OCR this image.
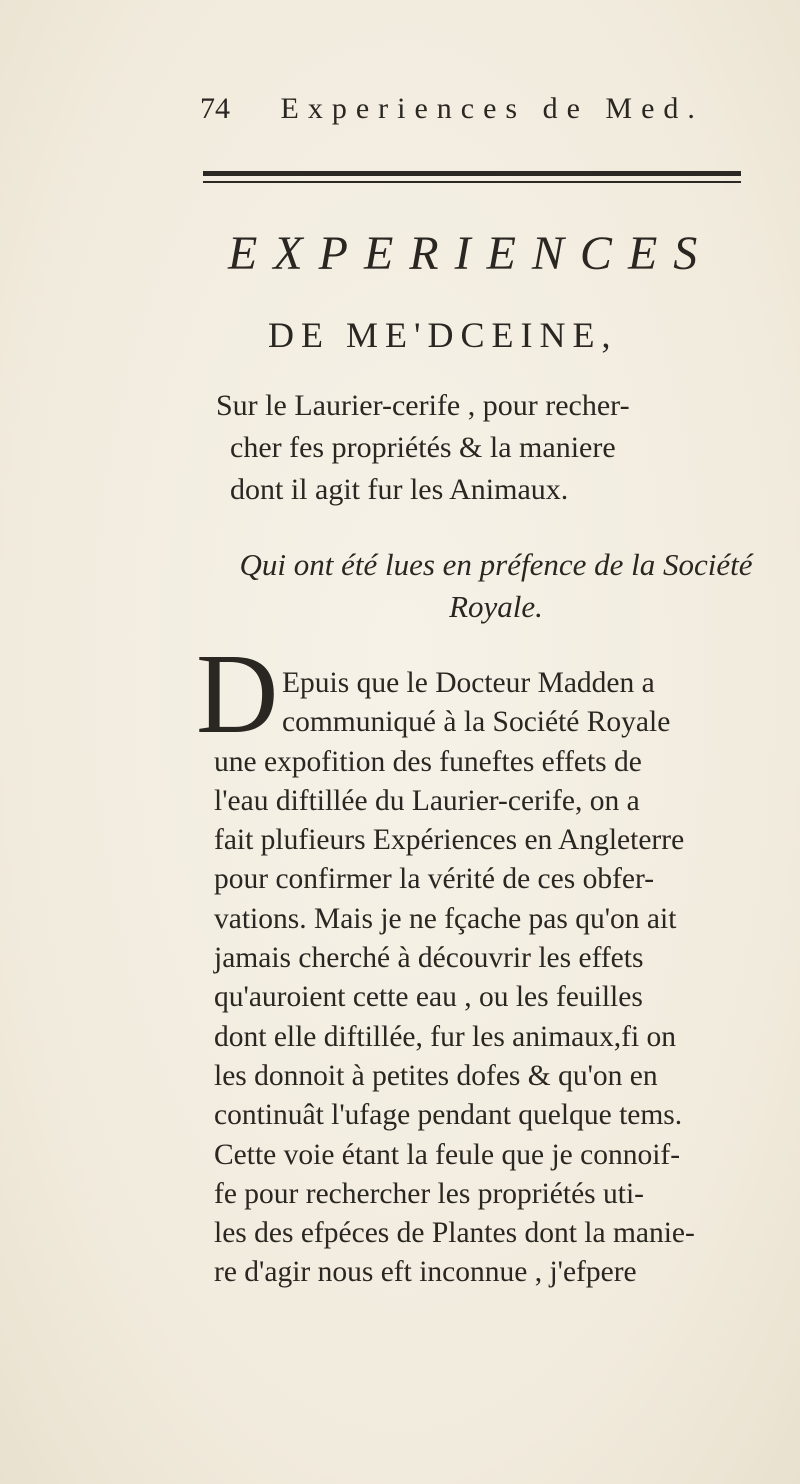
74 Experiences de Med.
EXPERIENCES
DE ME'DCEINE,
Sur le Laurier-cerife , pour recher-
cher fes propriétés & la maniere
dont il agit fur les Animaux.
Qui ont été lues en préfence de la Société
Royale.
D Epuis que le Docteur Madden a
communiqué à la Société Royale
une expofition des funeftes effets de
l'eau diftillée du Laurier-cerife, on a
fait plufieurs Expériences en Angleterre
pour confirmer la vérité de ces obfer-
vations. Mais je ne fçache pas qu'on ait
jamais cherché à découvrir les effets
qu'auroient cette eau , ou les feuilles
dont elle diftillée, fur les animaux,fi on
les donnoit à petites dofes & qu'on en
continuât l'ufage pendant quelque tems.
Cette voie étant la feule que je connoif-
fe pour rechercher les propriétés uti-
les des efpéces de Plantes dont la manie-
re d'agir nous eft inconnue , j'efpere
